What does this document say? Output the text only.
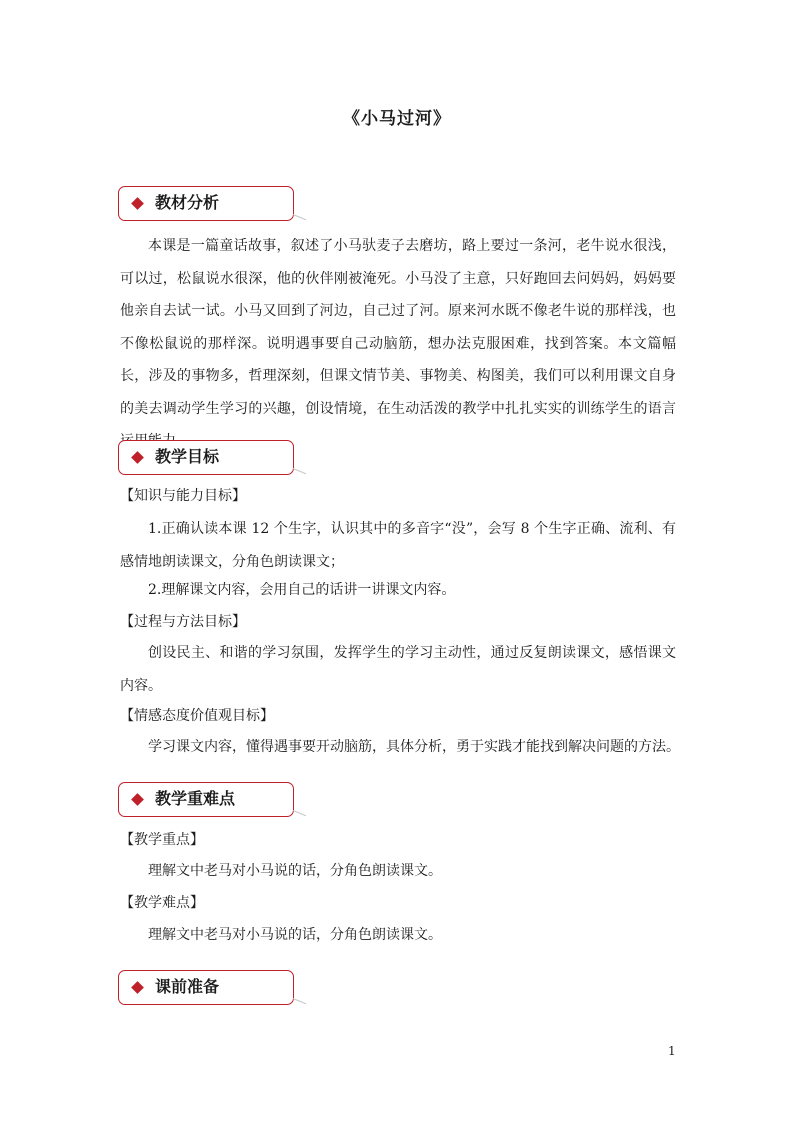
《小马过河》
教材分析

本课是一篇童话故事，叙述了小马驮麦子去磨坊，路上要过一条河，老牛说水很浅，可以过，松鼠说水很深，他的伙伴刚被淹死。小马没了主意，只好跑回去问妈妈，妈妈要他亲自去试一试。小马又回到了河边，自己过了河。原来河水既不像老牛说的那样浅，也不像松鼠说的那样深。说明遇事要自己动脑筋，想办法克服困难，找到答案。本文篇幅长，涉及的事物多，哲理深刻，但课文情节美、事物美、构图美，我们可以利用课文自身的美去调动学生学习的兴趣，创设情境，在生动活泼的教学中扎扎实实的训练学生的语言

教学目标
【知识与能力目标】

1.正确认读本课 12 个生字，认识其中的多音字“没”，会写 8 个生字正确、流利、有感情地朗读课文，分角色朗读课文；

2.理解课文内容，会用自己的话讲一讲课文内容。
【过程与方法目标】

创设民主、和谐的学习氛围，发挥学生的学习主动性，通过反复朗读课文，感悟课文内容。

【情感态度价值观目标】
学习课文内容，懂得遇事要开动脑筋，具体分析，勇于实践才能找到解决问题的方法。
教学重难点
【教学重点】
理解文中老马对小马说的话，分角色朗读课文。
【教学难点】
理解文中老马对小马说的话，分角色朗读课文。
课前准备
1
